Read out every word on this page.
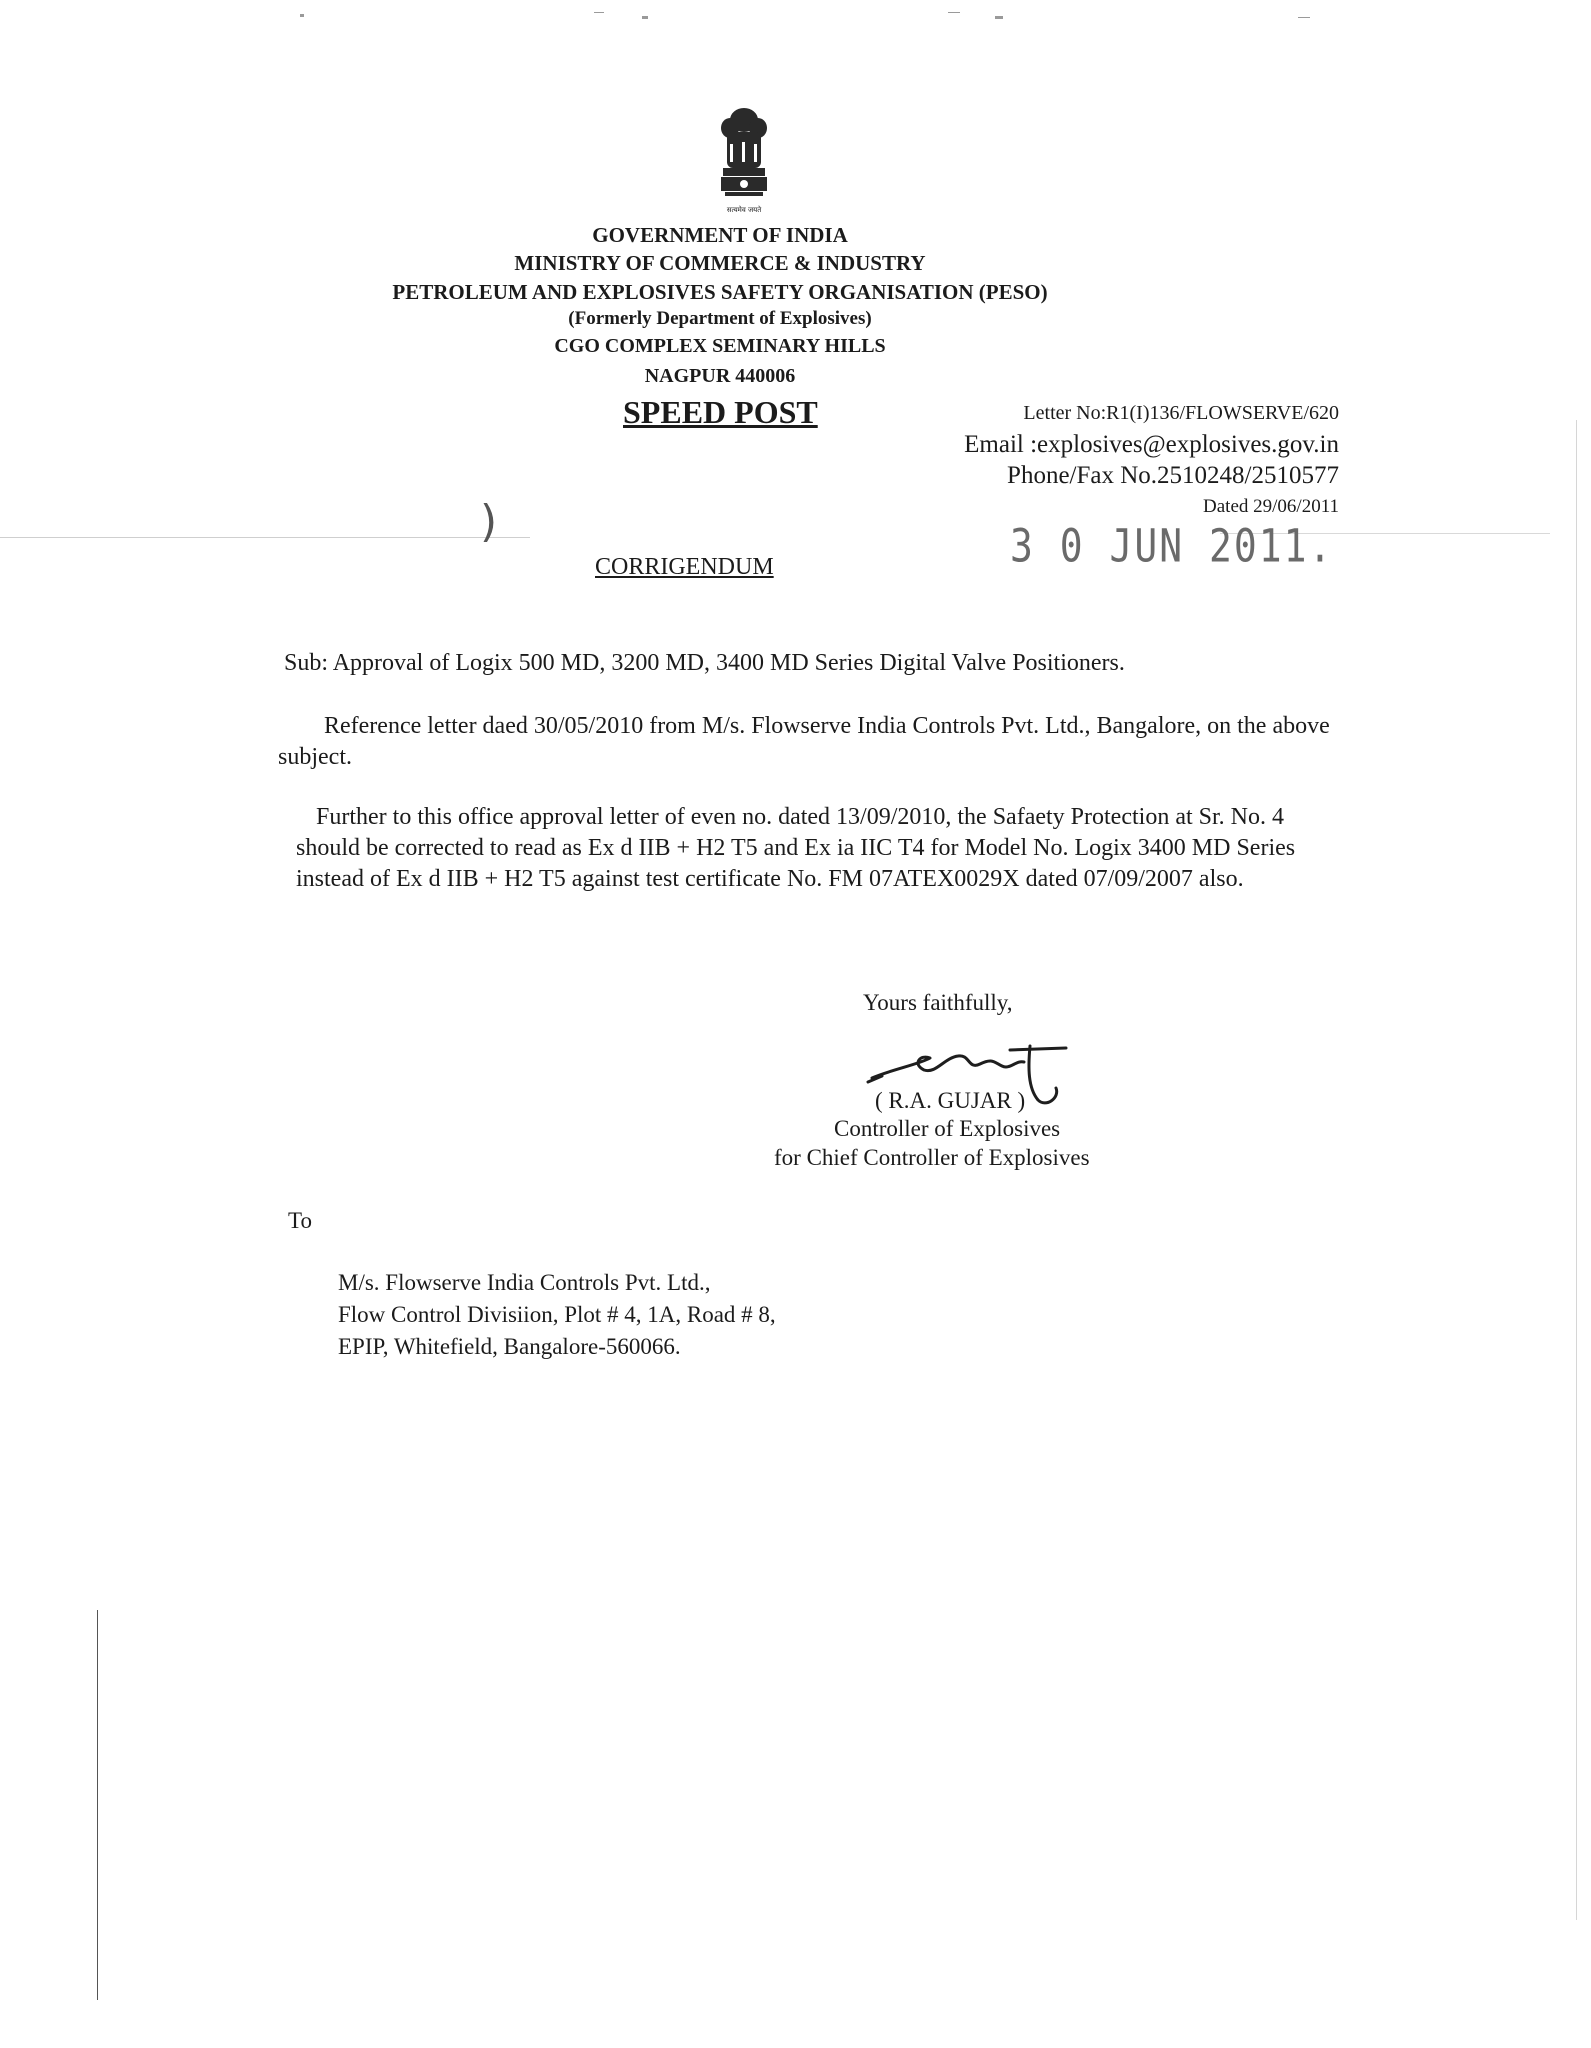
सत्यमेव जयते
GOVERNMENT OF INDIA
MINISTRY OF COMMERCE & INDUSTRY
PETROLEUM AND EXPLOSIVES SAFETY ORGANISATION (PESO)
(Formerly Department of Explosives)
CGO COMPLEX SEMINARY HILLS
NAGPUR 440006
SPEED POST	Letter No:R1(I)136/FLOWSERVE/620
Email :explosives@explosives.gov.in
Phone/Fax No.2510248/2510577
Dated 29/06/2011
3 0 JUN 2011.
)
CORRIGENDUM
Sub: Approval of Logix 500 MD, 3200 MD, 3400 MD Series Digital Valve Positioners.
Reference letter daed 30/05/2010 from M/s. Flowserve India Controls Pvt. Ltd., Bangalore, on the above subject.
Further to this office approval letter of even no. dated 13/09/2010, the Safaety Protection at Sr. No. 4 should be corrected to read as Ex d IIB + H2 T5 and Ex ia IIC T4 for Model No. Logix 3400 MD Series instead of Ex d IIB + H2 T5 against test certificate No. FM 07ATEX0029X dated 07/09/2007 also.
Yours faithfully,
( R.A. GUJAR )
Controller of Explosives
for Chief Controller of Explosives
To
M/s. Flowserve India Controls Pvt. Ltd.,
Flow Control Divisiion, Plot # 4, 1A, Road # 8,
EPIP, Whitefield, Bangalore-560066.
